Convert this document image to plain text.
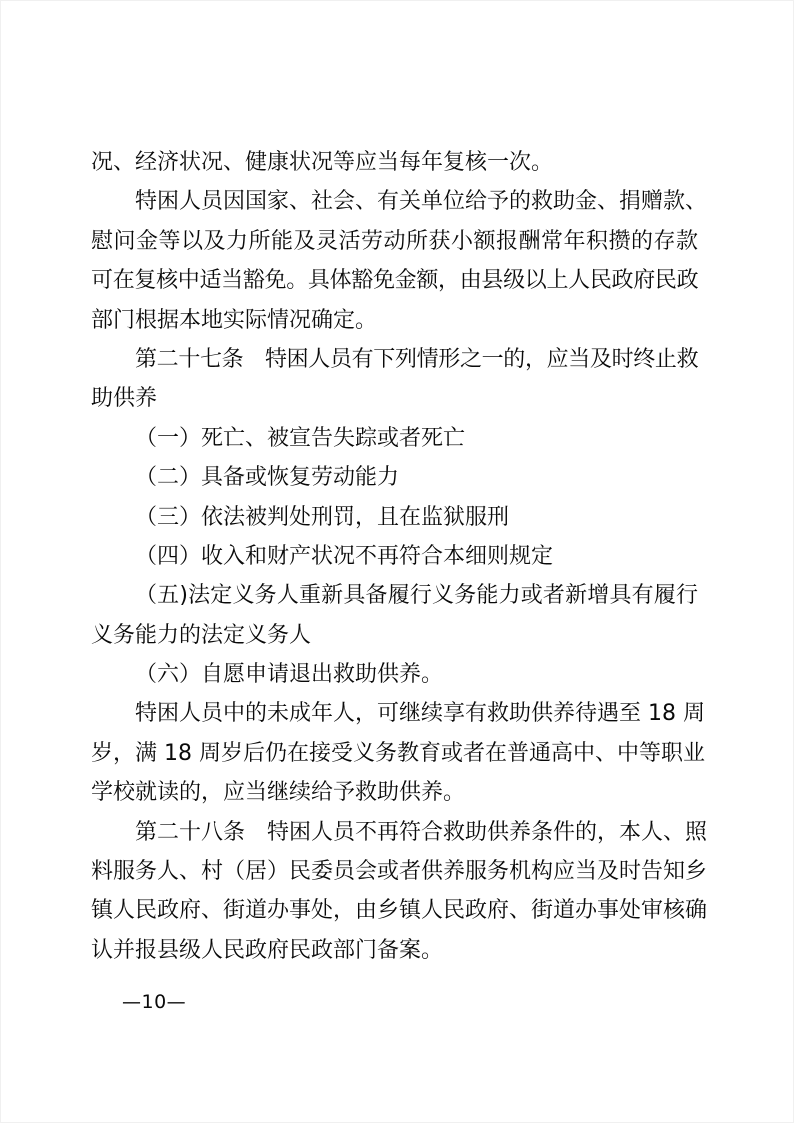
况、经济状况、健康状况等应当每年复核一次。
特困人员因国家、社会、有关单位给予的救助金、捐赠款、
慰问金等以及力所能及灵活劳动所获小额报酬常年积攒的存款
可在复核中适当豁免。具体豁免金额，由县级以上人民政府民政
部门根据本地实际情况确定。
第二十七条　特困人员有下列情形之一的，应当及时终止救
助供养
（一）死亡、被宣告失踪或者死亡
（二）具备或恢复劳动能力
（三）依法被判处刑罚，且在监狱服刑
（四）收入和财产状况不再符合本细则规定
（五)法定义务人重新具备履行义务能力或者新增具有履行
义务能力的法定义务人
（六）自愿申请退出救助供养。
特困人员中的未成年人，可继续享有救助供养待遇至 18 周
岁，满 18 周岁后仍在接受义务教育或者在普通高中、中等职业
学校就读的，应当继续给予救助供养。
第二十八条　特困人员不再符合救助供养条件的，本人、照
料服务人、村（居）民委员会或者供养服务机构应当及时告知乡
镇人民政府、街道办事处，由乡镇人民政府、街道办事处审核确
认并报县级人民政府民政部门备案。
—10—
